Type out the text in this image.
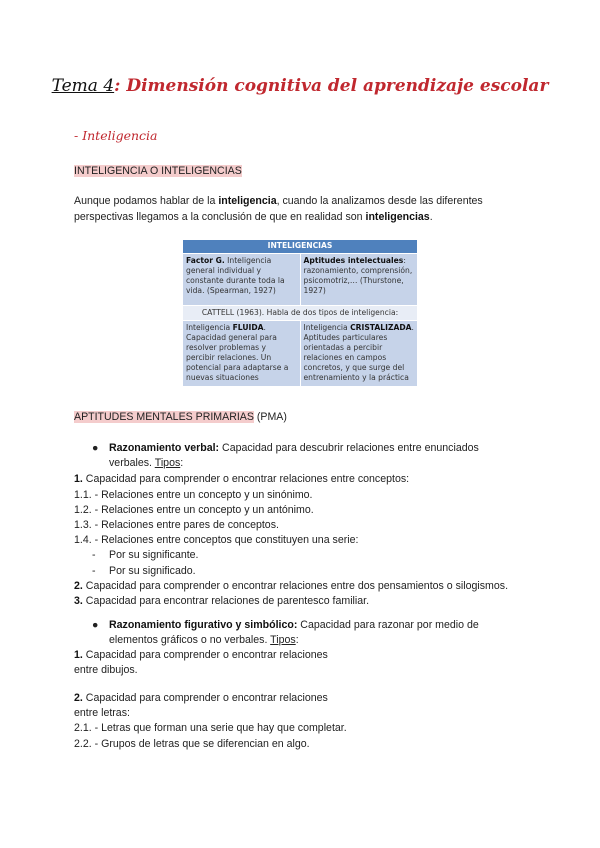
Tema 4: Dimensión cognitiva del aprendizaje escolar
- Inteligencia
INTELIGENCIA O INTELIGENCIAS
Aunque podamos hablar de la inteligencia, cuando la analizamos desde las diferentes perspectivas llegamos a la conclusión de que en realidad son inteligencias.
INTELIGENCIAS	
Factor G. Inteligencia general individual y constante durante toda la vida. (Spearman, 1927)	Aptitudes intelectuales: razonamiento, comprensión, psicomotriz,… (Thurstone, 1927)
CATTELL (1963). Habla de dos tipos de inteligencia:	
Inteligencia FLUIDA. Capacidad general para resolver problemas y percibir relaciones. Un potencial para adaptarse a nuevas situaciones	Inteligencia CRISTALIZADA. Aptitudes particulares orientadas a percibir relaciones en campos concretos, y que surge del entrenamiento y la práctica
APTITUDES MENTALES PRIMARIAS (PMA)
● Razonamiento verbal: Capacidad para descubrir relaciones entre enunciados verbales. Tipos:
1. Capacidad para comprender o encontrar relaciones entre conceptos:
1.1. - Relaciones entre un concepto y un sinónimo.
1.2. - Relaciones entre un concepto y un antónimo.
1.3. - Relaciones entre pares de conceptos.
1.4. - Relaciones entre conceptos que constituyen una serie:
- Por su significante.
- Por su significado.
2. Capacidad para comprender o encontrar relaciones entre dos pensamientos o silogismos.
3. Capacidad para encontrar relaciones de parentesco familiar.
● Razonamiento figurativo y simbólico: Capacidad para razonar por medio de elementos gráficos o no verbales. Tipos:
1. Capacidad para comprender o encontrar relaciones
entre dibujos.
2. Capacidad para comprender o encontrar relaciones
entre letras:
2.1. - Letras que forman una serie que hay que completar.
2.2. - Grupos de letras que se diferencian en algo.
